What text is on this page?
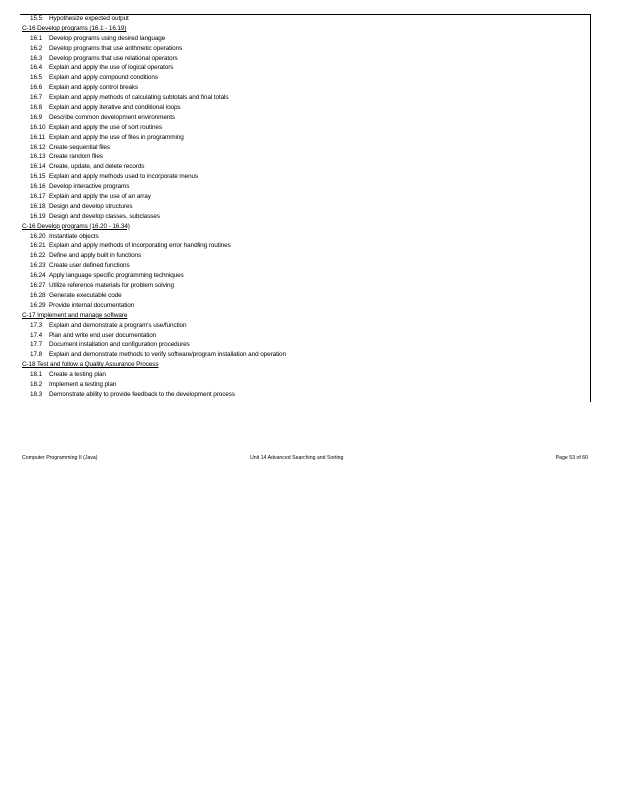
15.5 Hypothesize expected output
C-16 Develop programs (16.1 - 16.19)
16.1 Develop programs using desired language
16.2 Develop programs that use arithmetic operations
16.3 Develop programs that use relational operators
16.4 Explain and apply the use of logical operators
16.5 Explain and apply compound conditions
16.6 Explain and apply control breaks
16.7 Explain and apply methods of calculating subtotals and final totals
16.8 Explain and apply iterative and conditional loops
16.9 Describe common development environments
16.10 Explain and apply the use of sort routines
16.11 Explain and apply the use of files in programming
16.12 Create sequential files
16.13 Create random files
16.14 Create, update, and delete records
16.15 Explain and apply methods used to incorporate menus
16.16 Develop interactive programs
16.17 Explain and apply the use of an array
16.18 Design and develop structures
16.19 Design and develop classes, subclasses
C-16 Develop programs (16.20 - 16.34)
16.20 Instantiate objects
16.21 Explain and apply methods of incorporating error handling routines
16.22 Define and apply built in functions
16.23 Create user defined functions
16.24 Apply language specific programming techniques
16.27 Utilize reference materials for problem solving
16.28 Generate executable code
16.29 Provide internal documentation
C-17 Implement and manage software
17.3 Explain and demonstrate a program's use/function
17.4 Plan and write end user documentation
17.7 Document installation and configuration procedures
17.8 Explain and demonstrate methods to verify software/program installation and operation
C-18 Test and follow a Quality Assurance Process
18.1 Create a testing plan
18.2 Implement a testing plan
18.3 Demonstrate ability to provide feedback to the development process
Computer Programming II (Java)	Unit 14 Advanced Searching and Sorting	Page 53 of 60
